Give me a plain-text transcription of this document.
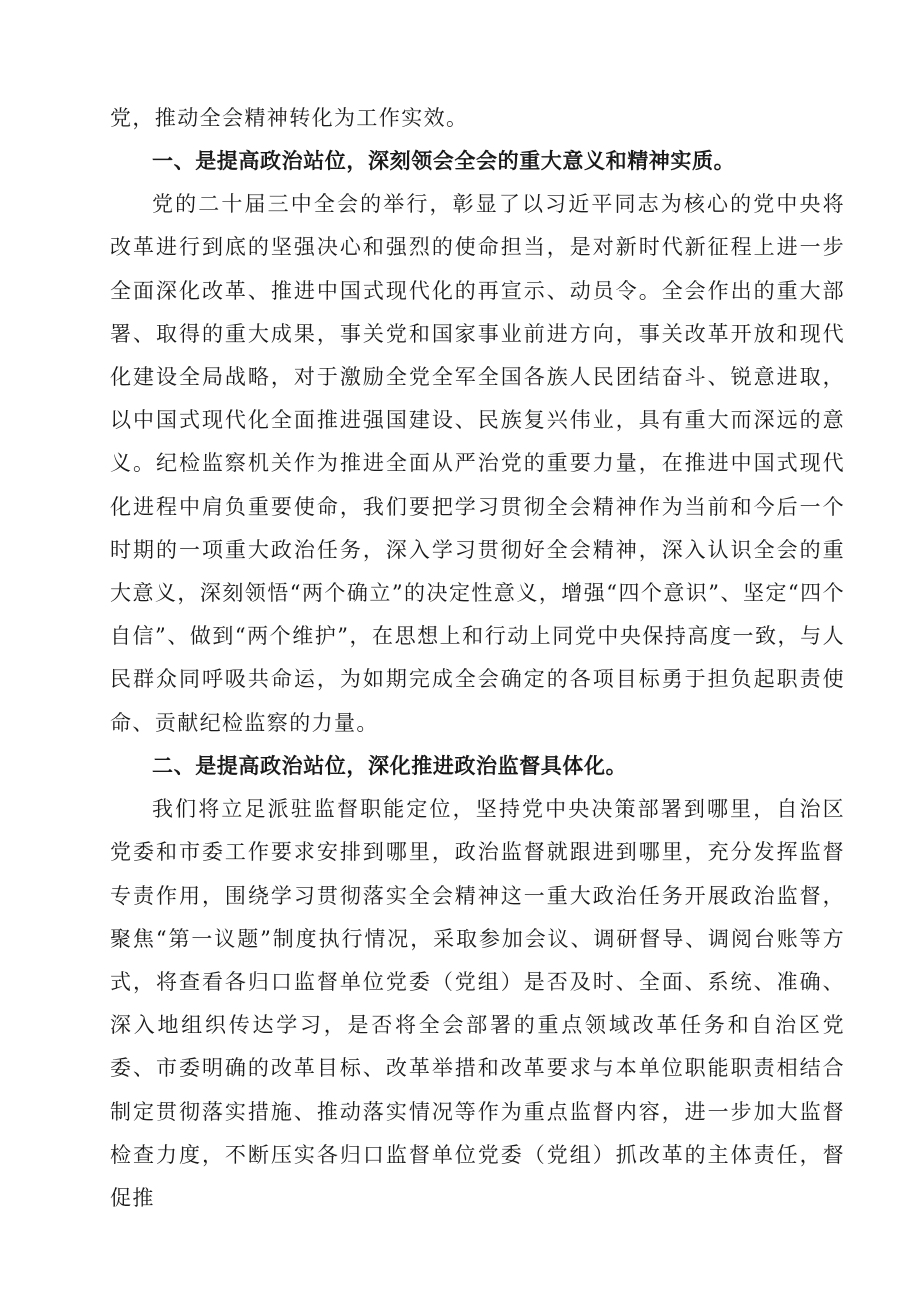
党，推动全会精神转化为工作实效。

一、是提高政治站位，深刻领会全会的重大意义和精神实质。

党的二十届三中全会的举行，彰显了以习近平同志为核心的党中央将改革进行到底的坚强决心和强烈的使命担当，是对新时代新征程上进一步全面深化改革、推进中国式现代化的再宣示、动员令。全会作出的重大部署、取得的重大成果，事关党和国家事业前进方向，事关改革开放和现代化建设全局战略，对于激励全党全军全国各族人民团结奋斗、锐意进取，以中国式现代化全面推进强国建设、民族复兴伟业，具有重大而深远的意义。纪检监察机关作为推进全面从严治党的重要力量，在推进中国式现代化进程中肩负重要使命，我们要把学习贯彻全会精神作为当前和今后一个时期的一项重大政治任务，深入学习贯彻好全会精神，深入认识全会的重大意义，深刻领悟“两个确立”的决定性意义，增强“四个意识”、坚定“四个自信”、做到“两个维护”，在思想上和行动上同党中央保持高度一致，与人民群众同呼吸共命运，为如期完成全会确定的各项目标勇于担负起职责使命、贡献纪检监察的力量。

二、是提高政治站位，深化推进政治监督具体化。

我们将立足派驻监督职能定位，坚持党中央决策部署到哪里，自治区党委和市委工作要求安排到哪里，政治监督就跟进到哪里，充分发挥监督专责作用，围绕学习贯彻落实全会精神这一重大政治任务开展政治监督，聚焦“第一议题”制度执行情况，采取参加会议、调研督导、调阅台账等方式，将查看各归口监督单位党委（党组）是否及时、全面、系统、准确、深入地组织传达学习，是否将全会部署的重点领域改革任务和自治区党委、市委明确的改革目标、改革举措和改革要求与本单位职能职责相结合制定贯彻落实措施、推动落实情况等作为重点监督内容，进一步加大监督检查力度，不断压实各归口监督单位党委（党组）抓改革的主体责任，督促推
